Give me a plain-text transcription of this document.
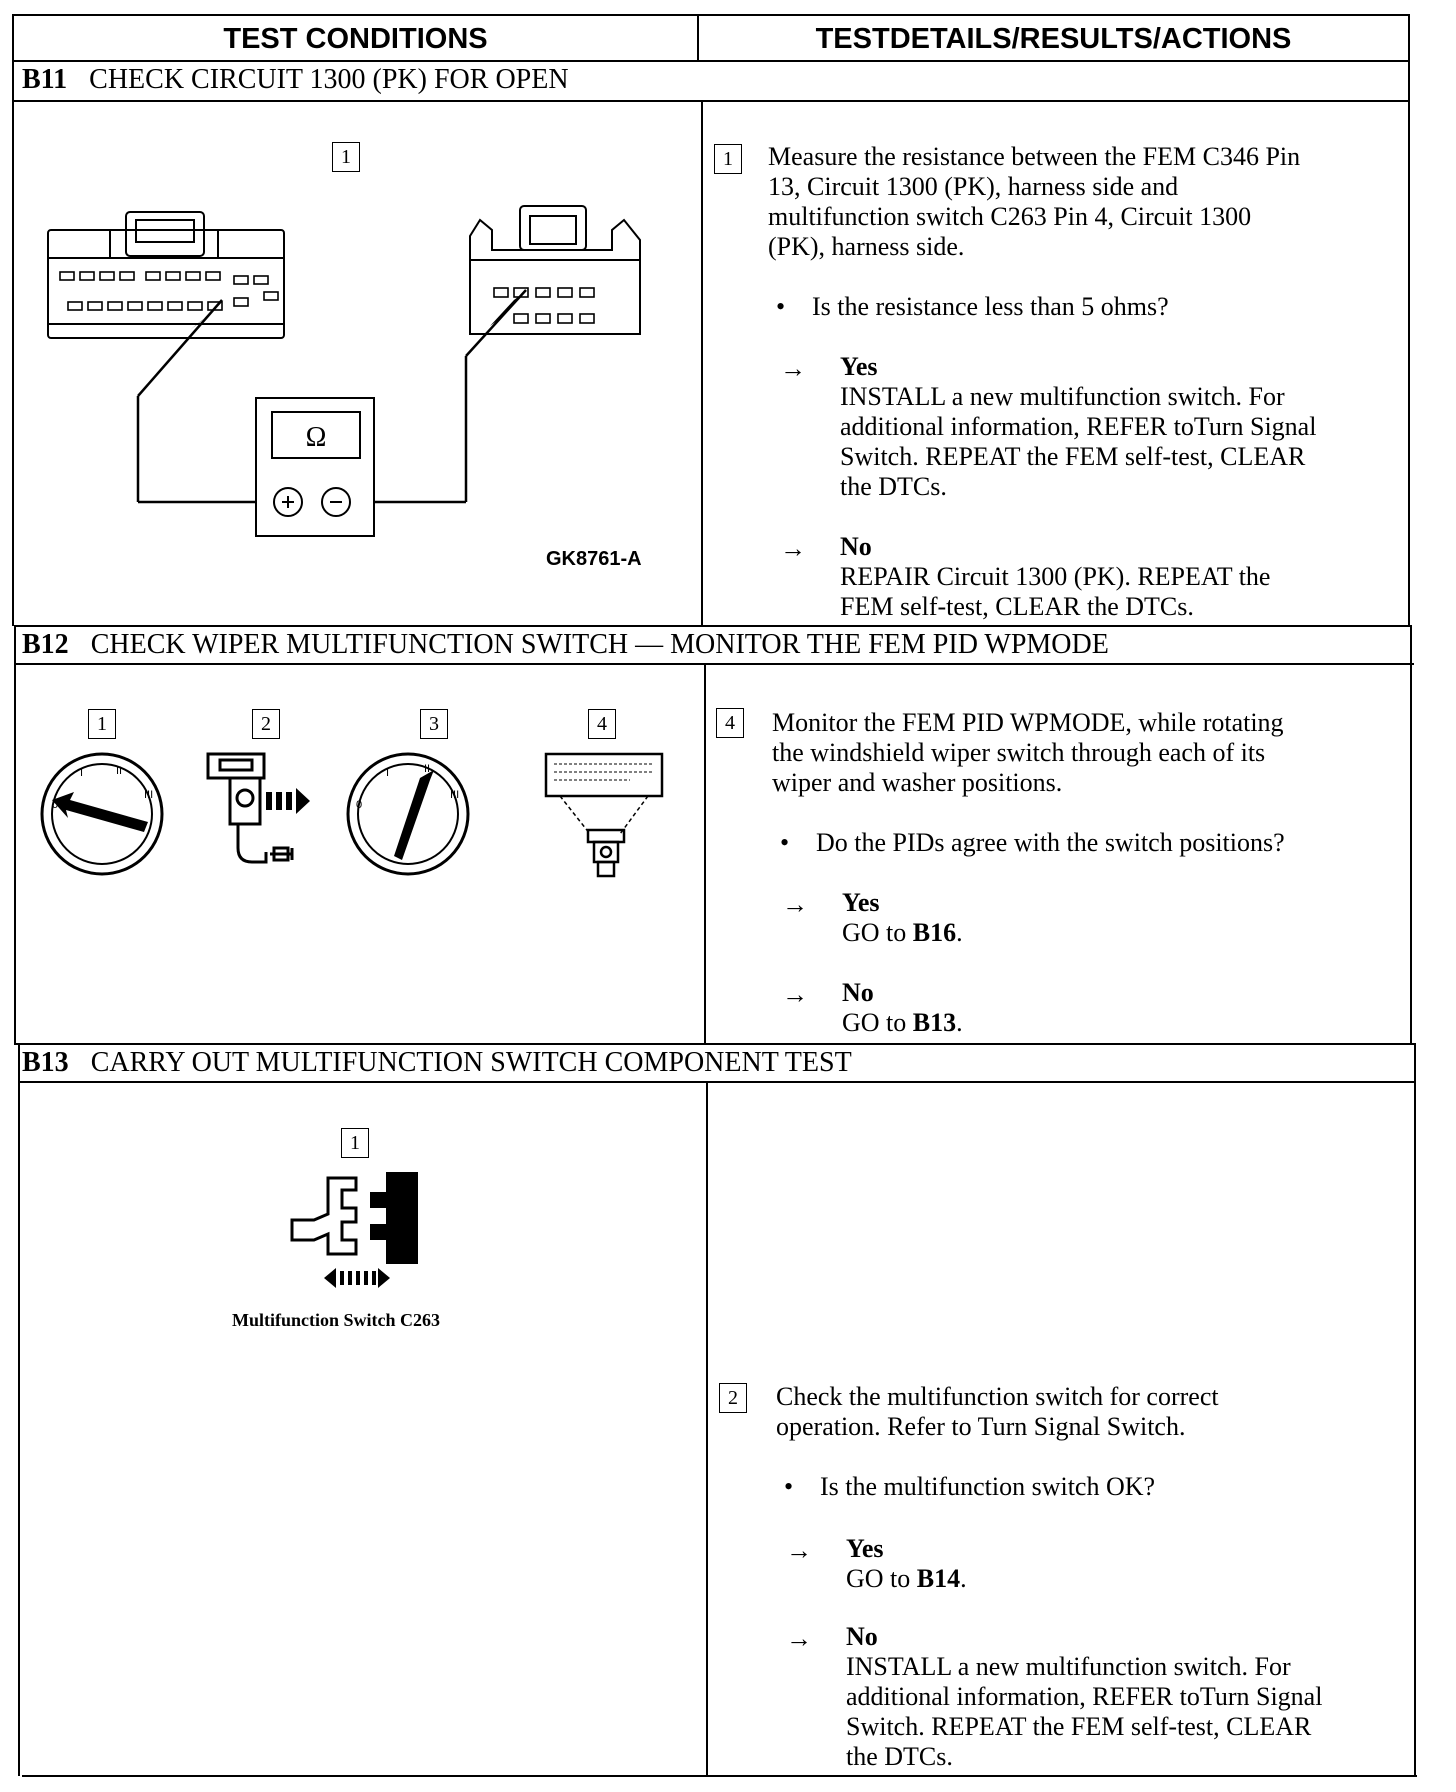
TEST CONDITIONS	TESTDETAILS/RESULTS/ACTIONS
B11 CHECK CIRCUIT 1300 (PK) FOR OPEN
1
Ω
GK8761-A
1	Measure the resistance between the FEM C346 Pin
13, Circuit 1300 (PK), harness side and
multifunction switch C263 Pin 4, Circuit 1300
(PK), harness side.
• Is the resistance less than 5 ohms?
→ Yes
INSTALL a new multifunction switch. For
additional information, REFER toTurn Signal
Switch. REPEAT the FEM self-test, CLEAR
the DTCs.
→ No
REPAIR Circuit 1300 (PK). REPEAT the
FEM self-test, CLEAR the DTCs.
B12 CHECK WIPER MULTIFUNCTION SWITCH — MONITOR THE FEM PID WPMODE
1	2	3	4
0
I	II
III
0
I	II
III
4	Monitor the FEM PID WPMODE, while rotating
the windshield wiper switch through each of its
wiper and washer positions.
• Do the PIDs agree with the switch positions?
→ Yes
GO to B16.
→ No
GO to B13.
B13 CARRY OUT MULTIFUNCTION SWITCH COMPONENT TEST
1
Multifunction Switch C263
2	Check the multifunction switch for correct
operation. Refer to Turn Signal Switch.
• Is the multifunction switch OK?
→ Yes
GO to B14.
→ No
INSTALL a new multifunction switch. For
additional information, REFER toTurn Signal
Switch. REPEAT the FEM self-test, CLEAR
the DTCs.
